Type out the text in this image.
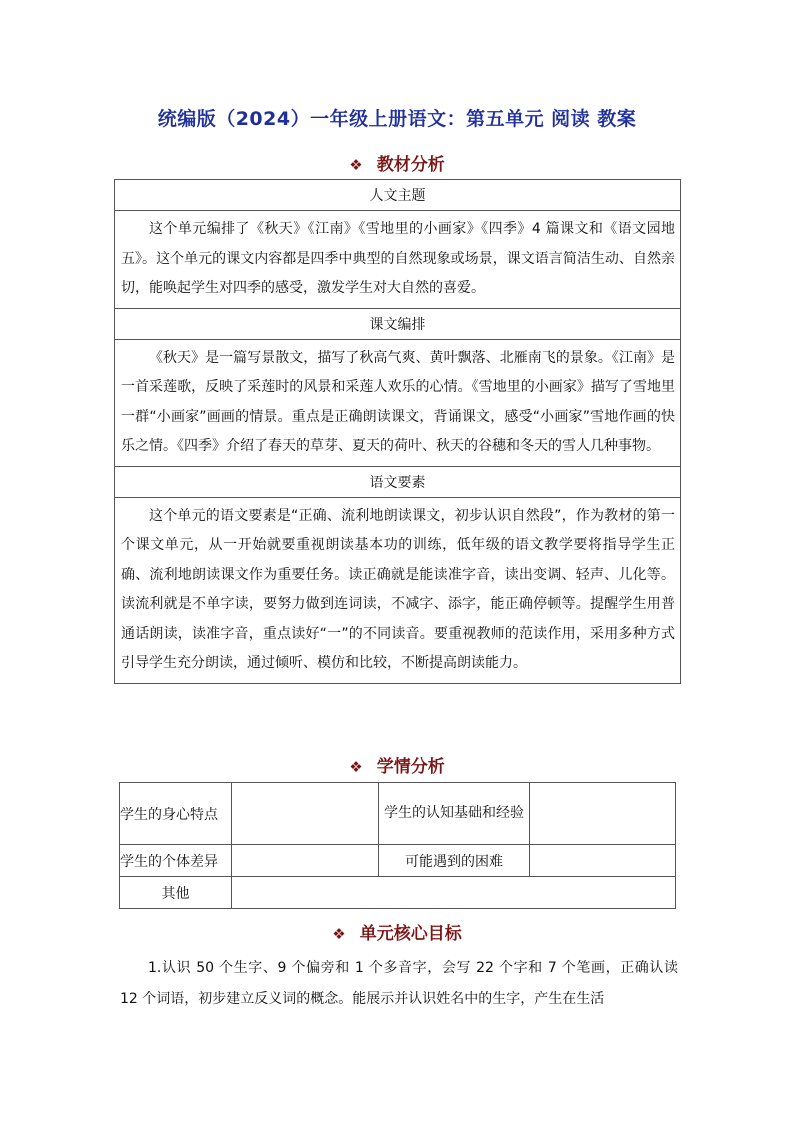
统编版（2024）一年级上册语文：第五单元 阅读 教案
❖ 教材分析
人文主题
这个单元编排了《秋天》《江南》《雪地里的小画家》《四季》4 篇课文和《语文园地五》。这个单元的课文内容都是四季中典型的自然现象或场景，课文语言简洁生动、自然亲切，能唤起学生对四季的感受，激发学生对大自然的喜爱。
课文编排
《秋天》是一篇写景散文，描写了秋高气爽、黄叶飘落、北雁南飞的景象。《江南》是一首采莲歌，反映了采莲时的风景和采莲人欢乐的心情。《雪地里的小画家》描写了雪地里一群“小画家”画画的情景。重点是正确朗读课文，背诵课文，感受“小画家”雪地作画的快乐之情。《四季》介绍了春天的草芽、夏天的荷叶、秋天的谷穗和冬天的雪人几种事物。
语文要素
这个单元的语文要素是“正确、流利地朗读课文，初步认识自然段”，作为教材的第一个课文单元，从一开始就要重视朗读基本功的训练，低年级的语文教学要将指导学生正确、流利地朗读课文作为重要任务。读正确就是能读准字音，读出变调、轻声、儿化等。读流利就是不单字读，要努力做到连词读，不减字、添字，能正确停顿等。提醒学生用普通话朗读，读准字音，重点读好“一”的不同读音。要重视教师的范读作用，采用多种方式引导学生充分朗读，通过倾听、模仿和比较，不断提高朗读能力。
❖ 学情分析
学生的身心特点		学生的认知基础和经验	
学生的个体差异		可能遇到的困难	
其他			
❖ 单元核心目标
1.认识 50 个生字、9 个偏旁和 1 个多音字，会写 22 个字和 7 个笔画，正确认读 12 个词语，初步建立反义词的概念。能展示并认识姓名中的生字，产生在生活
